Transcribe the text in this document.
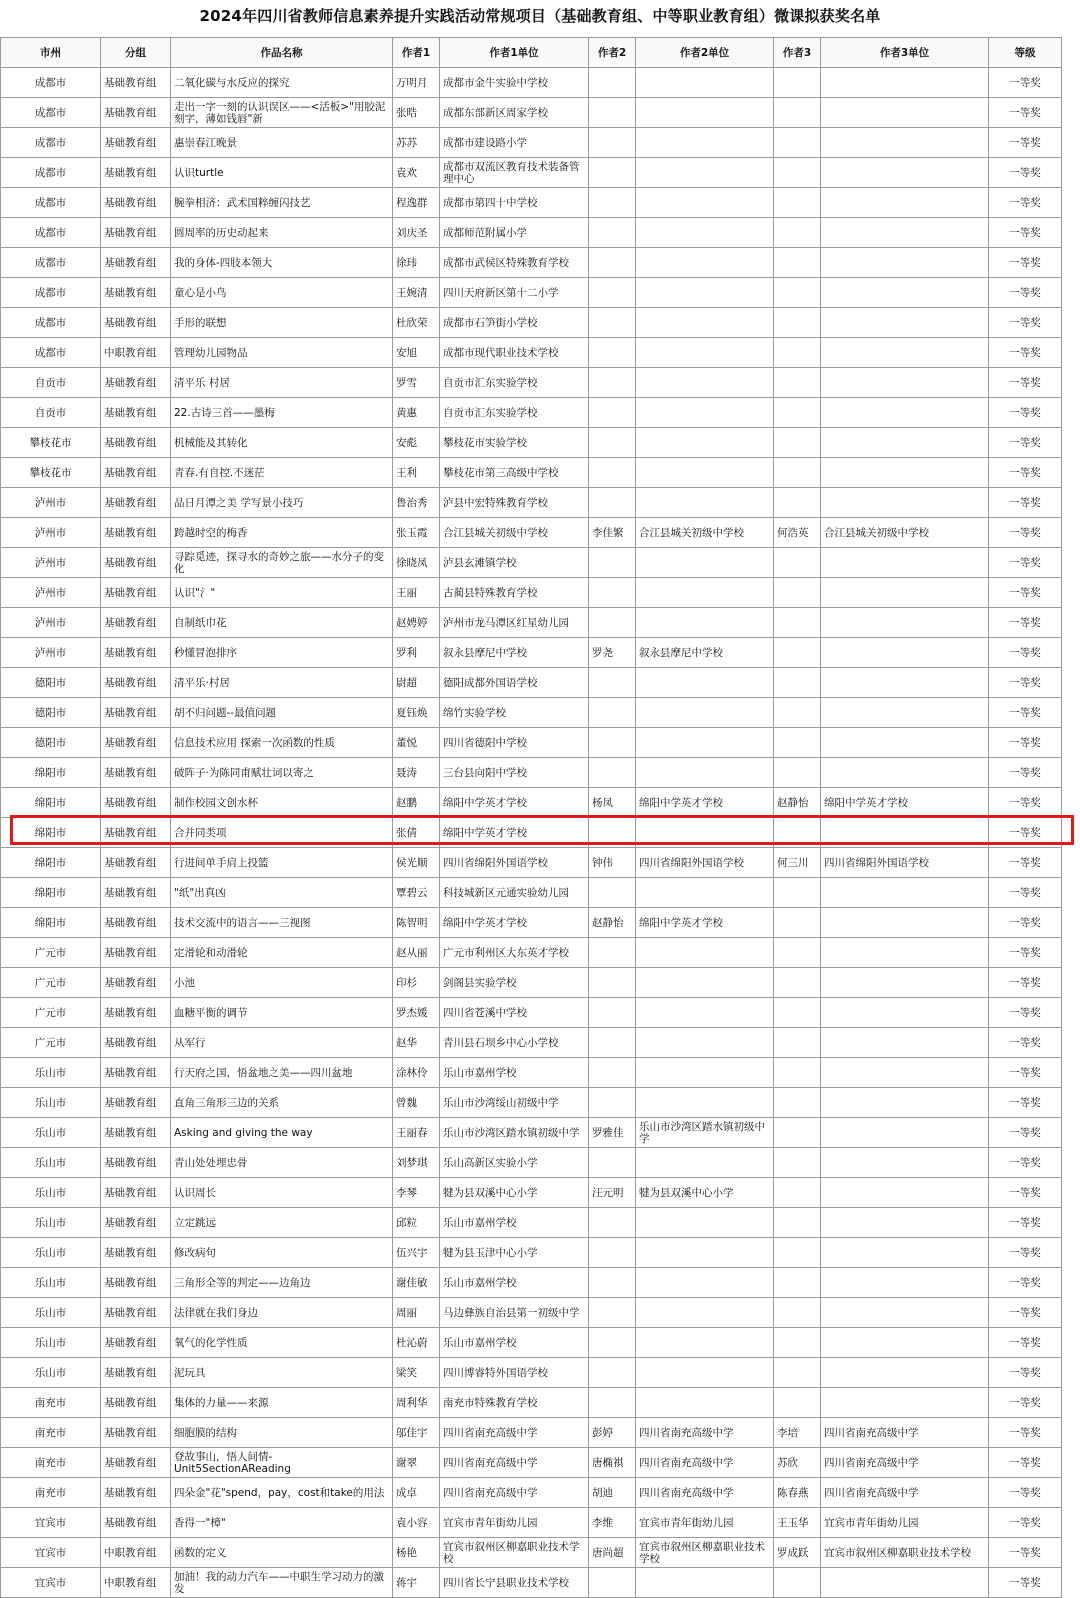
2024年四川省教师信息素养提升实践活动常规项目（基础教育组、中等职业教育组）微课拟获奖名单
市州	分组	作品名称	作者1	作者1单位	作者2	作者2单位	作者3	作者3单位	等级
成都市	基础教育组	二氧化碳与水反应的探究	万明月	成都市金牛实验中学校					一等奖
成都市	基础教育组	走出一字一刻的认识误区——<活板>"用胶泥刻字，薄如钱唇"新	张晧	成都东部新区周家学校					一等奖
成都市	基础教育组	惠崇春江晚景	苏苏	成都市建设路小学					一等奖
成都市	基础教育组	认识turtle	袁欢	成都市双流区教育技术装备管理中心					一等奖
成都市	基础教育组	腕拳相济：武术国粹缠闪技艺	程逸群	成都市第四十中学校					一等奖
成都市	基础教育组	圆周率的历史动起来	刘庆圣	成都师范附属小学					一等奖
成都市	基础教育组	我的身体-四肢本领大	徐玮	成都市武侯区特殊教育学校					一等奖
成都市	基础教育组	童心是小鸟	王婉清	四川天府新区第十二小学					一等奖
成都市	基础教育组	手形的联想	杜欣荣	成都市石笋街小学校					一等奖
成都市	中职教育组	管理幼儿园物品	安旭	成都市现代职业技术学校					一等奖
自贡市	基础教育组	清平乐 村居	罗雪	自贡市汇东实验学校					一等奖
自贡市	基础教育组	22.古诗三首——墨梅	黄惠	自贡市汇东实验学校					一等奖
攀枝花市	基础教育组	机械能及其转化	安彪	攀枝花市实验学校					一等奖
攀枝花市	基础教育组	青春.有自控.不迷茫	王利	攀枝花市第三高级中学校					一等奖
泸州市	基础教育组	品日月潭之美 学写景小技巧	鲁治秀	泸县中宏特殊教育学校					一等奖
泸州市	基础教育组	跨越时空的梅香	张玉霞	合江县城关初级中学校	李佳繁	合江县城关初级中学校	何浩英	合江县城关初级中学校	一等奖
泸州市	基础教育组	寻踪觅迹，探寻水的奇妙之旅——水分子的变化	徐晓凤	泸县玄滩镇学校					一等奖
泸州市	基础教育组	认识"氵"	王丽	古蔺县特殊教育学校					一等奖
泸州市	基础教育组	自制纸巾花	赵娉婷	泸州市龙马潭区红星幼儿园					一等奖
泸州市	基础教育组	秒懂冒泡排序	罗利	叙永县摩尼中学校	罗尧	叙永县摩尼中学校			一等奖
德阳市	基础教育组	清平乐·村居	尉超	德阳成都外国语学校					一等奖
德阳市	基础教育组	胡不归问题--最值问题	夏钰焕	绵竹实验学校					一等奖
德阳市	基础教育组	信息技术应用 探索一次函数的性质	董悦	四川省德阳中学校					一等奖
绵阳市	基础教育组	破阵子·为陈同甫赋壮词以寄之	聂涛	三台县向阳中学校					一等奖
绵阳市	基础教育组	制作校园文创水杯	赵鹏	绵阳中学英才学校	杨凤	绵阳中学英才学校	赵静怡	绵阳中学英才学校	一等奖
绵阳市	基础教育组	合并同类项	张倩	绵阳中学英才学校					一等奖
绵阳市	基础教育组	行进间单手肩上投篮	侯光顺	四川省绵阳外国语学校	钟伟	四川省绵阳外国语学校	何三川	四川省绵阳外国语学校	一等奖
绵阳市	基础教育组	"纸"出真凶	覃碧云	科技城新区元通实验幼儿园					一等奖
绵阳市	基础教育组	技术交流中的语言——三视图	陈智明	绵阳中学英才学校	赵静怡	绵阳中学英才学校			一等奖
广元市	基础教育组	定滑轮和动滑轮	赵从丽	广元市利州区大东英才学校					一等奖
广元市	基础教育组	小池	印杉	剑阁县实验学校					一等奖
广元市	基础教育组	血糖平衡的调节	罗杰媛	四川省苍溪中学校					一等奖
广元市	基础教育组	从军行	赵华	青川县石坝乡中心小学校					一等奖
乐山市	基础教育组	行天府之国，悟盆地之美——四川盆地	涂林伶	乐山市嘉州学校					一等奖
乐山市	基础教育组	直角三角形三边的关系	曾魏	乐山市沙湾绥山初级中学					一等奖
乐山市	基础教育组	Asking and giving the way	王丽春	乐山市沙湾区踏水镇初级中学	罗雅佳	乐山市沙湾区踏水镇初级中学			一等奖
乐山市	基础教育组	青山处处埋忠骨	刘梦琪	乐山高新区实验小学					一等奖
乐山市	基础教育组	认识周长	李琴	犍为县双溪中心小学	汪元明	犍为县双溪中心小学			一等奖
乐山市	基础教育组	立定跳远	邱粒	乐山市嘉州学校					一等奖
乐山市	基础教育组	修改病句	伍兴宇	犍为县玉津中心小学					一等奖
乐山市	基础教育组	三角形全等的判定——边角边	谢佳敏	乐山市嘉州学校					一等奖
乐山市	基础教育组	法律就在我们身边	周丽	马边彝族自治县第一初级中学					一等奖
乐山市	基础教育组	氧气的化学性质	杜沁蔚	乐山市嘉州学校					一等奖
乐山市	基础教育组	泥玩具	梁笑	四川博睿特外国语学校					一等奖
南充市	基础教育组	集体的力量——来源	周利华	南充市特殊教育学校					一等奖
南充市	基础教育组	细胞膜的结构	邬佳宇	四川省南充高级中学	彭婷	四川省南充高级中学	李培	四川省南充高级中学	一等奖
南充市	基础教育组	登故事山，悟人间情-Unit5SectionAReading	谢翠	四川省南充高级中学	唐椭祺	四川省南充高级中学	苏欣	四川省南充高级中学	一等奖
南充市	基础教育组	四朵金"花"spend，pay，cost和take的用法	成卓	四川省南充高级中学	胡迪	四川省南充高级中学	陈春燕	四川省南充高级中学	一等奖
宜宾市	基础教育组	香得一"樟"	袁小容	宜宾市青年街幼儿园	李维	宜宾市青年街幼儿园	王玉华	宜宾市青年街幼儿园	一等奖
宜宾市	中职教育组	函数的定义	杨艳	宜宾市叙州区柳嘉职业技术学校	唐尚超	宜宾市叙州区柳嘉职业技术学校	罗成跃	宜宾市叙州区柳嘉职业技术学校	一等奖
宜宾市	中职教育组	加油！我的动力汽车——中职生学习动力的激发	蒋宇	四川省长宁县职业技术学校					一等奖
